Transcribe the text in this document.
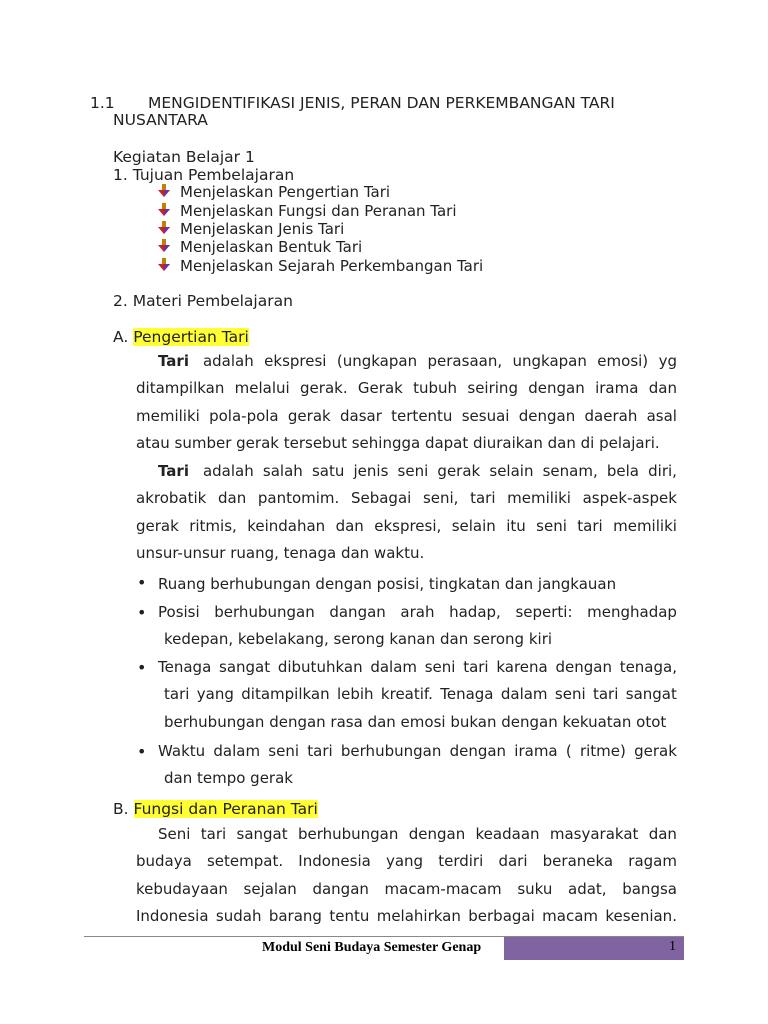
1.1 MENGIDENTIFIKASI JENIS, PERAN DAN PERKEMBANGAN TARI
NUSANTARA
Kegiatan Belajar 1
1. Tujuan Pembelajaran
Menjelaskan Pengertian Tari
Menjelaskan Fungsi dan Peranan Tari
Menjelaskan Jenis Tari
Menjelaskan Bentuk Tari
Menjelaskan Sejarah Perkembangan Tari
2. Materi Pembelajaran
A. Pengertian Tari
Tari adalah ekspresi (ungkapan perasaan, ungkapan emosi) yg
ditampilkan melalui gerak. Gerak tubuh seiring dengan irama dan
memiliki pola-pola gerak dasar tertentu sesuai dengan daerah asal
atau sumber gerak tersebut sehingga dapat diuraikan dan di pelajari.
Tari adalah salah satu jenis seni gerak selain senam, bela diri,
akrobatik dan pantomim. Sebagai seni, tari memiliki aspek-aspek
gerak ritmis, keindahan dan ekspresi, selain itu seni tari memiliki
unsur-unsur ruang, tenaga dan waktu.
• Ruang berhubungan dengan posisi, tingkatan dan jangkauan
• Posisi berhubungan dangan arah hadap, seperti: menghadap
kedepan, kebelakang, serong kanan dan serong kiri
• Tenaga sangat dibutuhkan dalam seni tari karena dengan tenaga,
tari yang ditampilkan lebih kreatif. Tenaga dalam seni tari sangat
berhubungan dengan rasa dan emosi bukan dengan kekuatan otot
• Waktu dalam seni tari berhubungan dengan irama ( ritme) gerak
dan tempo gerak
B. Fungsi dan Peranan Tari
Seni tari sangat berhubungan dengan keadaan masyarakat dan
budaya setempat. Indonesia yang terdiri dari beraneka ragam
kebudayaan sejalan dangan macam-macam suku adat, bangsa
Indonesia sudah barang tentu melahirkan berbagai macam kesenian.
Modul Seni Budaya Semester Genap	1
